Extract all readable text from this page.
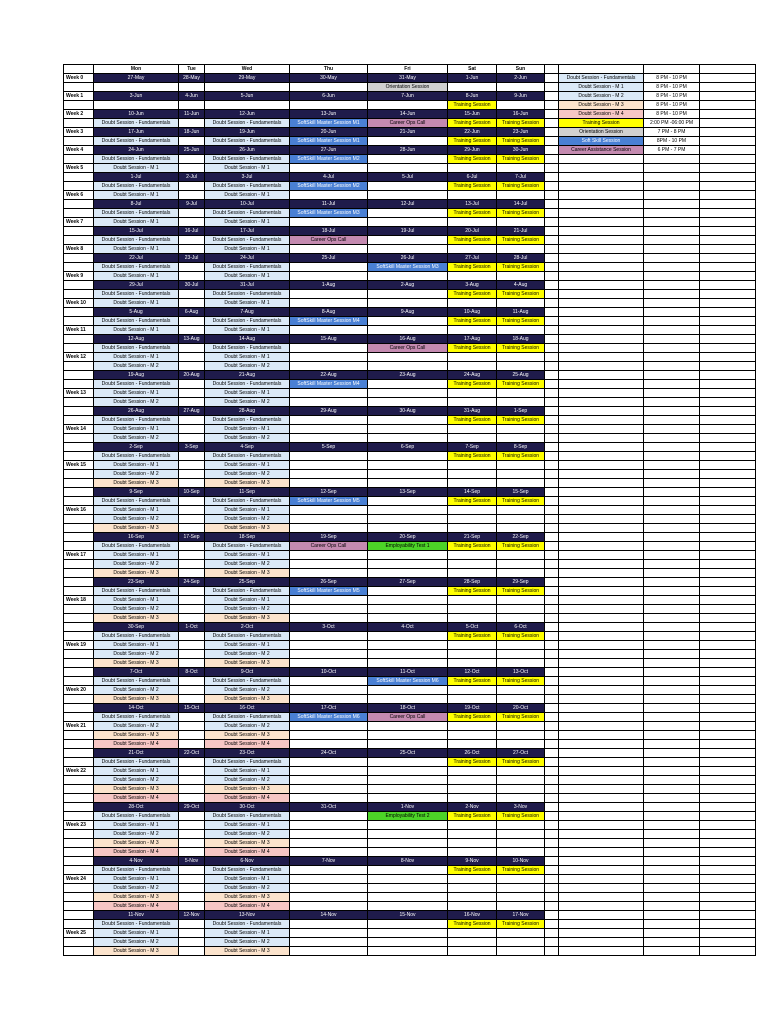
	Mon	Tue	Wed	Thu	Fri	Sat	Sun				
Week 0	27-May	28-May	29-May	30-May	31-May	1-Jun	2-Jun		Doubt Session - Fundamentals	8 PM - 10 PM	
					Orientation Session				Doubt Session - M 1	8 PM - 10 PM	
Week 1	3-Jun	4-Jun	5-Jun	6-Jun	7-Jun	8-Jun	9-Jun		Doubt Session - M 2	8 PM - 10 PM	
						Training Session			Doubt Session - M 3	8 PM - 10 PM	
Week 2	10-Jun	11-Jun	12-Jun	13-Jun	14-Jun	15-Jun	16-Jun		Doubt Session - M 4	8 PM - 10 PM	
	Doubt Session - Fundamentals		Doubt Session - Fundamentals	SoftSkill Master Session M1	Career Ops Call	Training Session	Training Session		Training Session	2:00 PM -06:00 PM	
Week 3	17-Jun	18-Jun	19-Jun	20-Jun	21-Jun	22-Jun	23-Jun		Orientation Session	7 PM - 8 PM	
	Doubt Session - Fundamentals		Doubt Session - Fundamentals	SoftSkill Master Session M1		Training Session	Training Session		Soft Skill Session	8PM - 10 PM	
Week 4	24-Jun	25-Jun	26-Jun	27-Jun	28-Jun	29-Jun	30-Jun		Career Assistance Session	6 PM - 7 PM	
	Doubt Session - Fundamentals		Doubt Session - Fundamentals	SoftSkill Master Session M2		Training Session	Training Session				
Week 5	Doubt Session - M 1		Doubt Session - M 1								
	1-Jul	2-Jul	3-Jul	4-Jul	5-Jul	6-Jul	7-Jul				
	Doubt Session - Fundamentals		Doubt Session - Fundamentals	SoftSkill Master Session M2		Training Session	Training Session				
Week 6	Doubt Session - M 1		Doubt Session - M 1								
	8-Jul	9-Jul	10-Jul	11-Jul	12-Jul	13-Jul	14-Jul				
	Doubt Session - Fundamentals		Doubt Session - Fundamentals	SoftSkill Master Session M3		Training Session	Training Session				
Week 7	Doubt Session - M 1		Doubt Session - M 1								
	15-Jul	16-Jul	17-Jul	18-Jul	19-Jul	20-Jul	21-Jul				
	Doubt Session - Fundamentals		Doubt Session - Fundamentals	Career Ops Call		Training Session	Training Session				
Week 8	Doubt Session - M 1		Doubt Session - M 1								
	22-Jul	23-Jul	24-Jul	25-Jul	26-Jul	27-Jul	28-Jul				
	Doubt Session - Fundamentals		Doubt Session - Fundamentals		SoftSkill Master Session M3	Training Session	Training Session				
Week 9	Doubt Session - M 1		Doubt Session - M 1								
	29-Jul	30-Jul	31-Jul	1-Aug	2-Aug	3-Aug	4-Aug				
	Doubt Session - Fundamentals		Doubt Session - Fundamentals			Training Session	Training Session				
Week 10	Doubt Session - M 1		Doubt Session - M 1								
	5-Aug	6-Aug	7-Aug	8-Aug	9-Aug	10-Aug	11-Aug				
	Doubt Session - Fundamentals		Doubt Session - Fundamentals	SoftSkill Master Session M4		Training Session	Training Session				
Week 11	Doubt Session - M 1		Doubt Session - M 1								
	12-Aug	13-Aug	14-Aug	15-Aug	16-Aug	17-Aug	18-Aug				
	Doubt Session - Fundamentals		Doubt Session - Fundamentals		Career Ops Call	Training Session	Training Session				
Week 12	Doubt Session - M 1		Doubt Session - M 1								
	Doubt Session - M 2		Doubt Session - M 2								
	19-Aug	20-Aug	21-Aug	22-Aug	23-Aug	24-Aug	25-Aug				
	Doubt Session - Fundamentals		Doubt Session - Fundamentals	SoftSkill Master Session M4		Training Session	Training Session				
Week 13	Doubt Session - M 1		Doubt Session - M 1								
	Doubt Session - M 2		Doubt Session - M 2								
	26-Aug	27-Aug	28-Aug	29-Aug	30-Aug	31-Aug	1-Sep				
	Doubt Session - Fundamentals		Doubt Session - Fundamentals			Training Session	Training Session				
Week 14	Doubt Session - M 1		Doubt Session - M 1								
	Doubt Session - M 2		Doubt Session - M 2								
	2-Sep	3-Sep	4-Sep	5-Sep	6-Sep	7-Sep	8-Sep				
	Doubt Session - Fundamentals		Doubt Session - Fundamentals			Training Session	Training Session				
Week 15	Doubt Session - M 1		Doubt Session - M 1								
	Doubt Session - M 2		Doubt Session - M 2								
	Doubt Session - M 3		Doubt Session - M 3								
	9-Sep	10-Sep	11-Sep	12-Sep	13-Sep	14-Sep	15-Sep				
	Doubt Session - Fundamentals		Doubt Session - Fundamentals	SoftSkill Master Session M5		Training Session	Training Session				
Week 16	Doubt Session - M 1		Doubt Session - M 1								
	Doubt Session - M 2		Doubt Session - M 2								
	Doubt Session - M 3		Doubt Session - M 3								
	16-Sep	17-Sep	18-Sep	19-Sep	20-Sep	21-Sep	22-Sep				
	Doubt Session - Fundamentals		Doubt Session - Fundamentals	Career Ops Call	Employability Test 1	Training Session	Training Session				
Week 17	Doubt Session - M 1		Doubt Session - M 1								
	Doubt Session - M 2		Doubt Session - M 2								
	Doubt Session - M 3		Doubt Session - M 3								
	23-Sep	24-Sep	25-Sep	26-Sep	27-Sep	28-Sep	29-Sep				
	Doubt Session - Fundamentals		Doubt Session - Fundamentals	SoftSkill Master Session M5		Training Session	Training Session				
Week 18	Doubt Session - M 1		Doubt Session - M 1								
	Doubt Session - M 2		Doubt Session - M 2								
	Doubt Session - M 3		Doubt Session - M 3								
	30-Sep	1-Oct	2-Oct	3-Oct	4-Oct	5-Oct	6-Oct				
	Doubt Session - Fundamentals		Doubt Session - Fundamentals			Training Session	Training Session				
Week 19	Doubt Session - M 1		Doubt Session - M 1								
	Doubt Session - M 2		Doubt Session - M 2								
	Doubt Session - M 3		Doubt Session - M 3								
	7-Oct	8-Oct	9-Oct	10-Oct	11-Oct	12-Oct	13-Oct				
	Doubt Session - Fundamentals		Doubt Session - Fundamentals		SoftSkill Master Session M6	Training Session	Training Session				
Week 20	Doubt Session - M 2		Doubt Session - M 2								
	Doubt Session - M 3		Doubt Session - M 3								
	14-Oct	15-Oct	16-Oct	17-Oct	18-Oct	19-Oct	20-Oct				
	Doubt Session - Fundamentals		Doubt Session - Fundamentals	SoftSkill Master Session M6	Career Ops Call	Training Session	Training Session				
Week 21	Doubt Session - M 2		Doubt Session - M 2								
	Doubt Session - M 3		Doubt Session - M 3								
	Doubt Session - M 4		Doubt Session - M 4								
	21-Oct	22-Oct	23-Oct	24-Oct	25-Oct	26-Oct	27-Oct				
	Doubt Session - Fundamentals		Doubt Session - Fundamentals			Training Session	Training Session				
Week 22	Doubt Session - M 1		Doubt Session - M 1								
	Doubt Session - M 2		Doubt Session - M 2								
	Doubt Session - M 3		Doubt Session - M 3								
	Doubt Session - M 4		Doubt Session - M 4								
	28-Oct	29-Oct	30-Oct	31-Oct	1-Nov	2-Nov	3-Nov				
	Doubt Session - Fundamentals		Doubt Session - Fundamentals		Employability Test 2	Training Session	Training Session				
Week 23	Doubt Session - M 1		Doubt Session - M 1								
	Doubt Session - M 2		Doubt Session - M 2								
	Doubt Session - M 3		Doubt Session - M 3								
	Doubt Session - M 4		Doubt Session - M 4								
	4-Nov	5-Nov	6-Nov	7-Nov	8-Nov	9-Nov	10-Nov				
	Doubt Session - Fundamentals		Doubt Session - Fundamentals			Training Session	Training Session				
Week 24	Doubt Session - M 1		Doubt Session - M 1								
	Doubt Session - M 2		Doubt Session - M 2								
	Doubt Session - M 3		Doubt Session - M 3								
	Doubt Session - M 4		Doubt Session - M 4								
	11-Nov	12-Nov	13-Nov	14-Nov	15-Nov	16-Nov	17-Nov				
	Doubt Session - Fundamentals		Doubt Session - Fundamentals			Training Session	Training Session				
Week 25	Doubt Session - M 1		Doubt Session - M 1								
	Doubt Session - M 2		Doubt Session - M 2								
	Doubt Session - M 3		Doubt Session - M 3								
